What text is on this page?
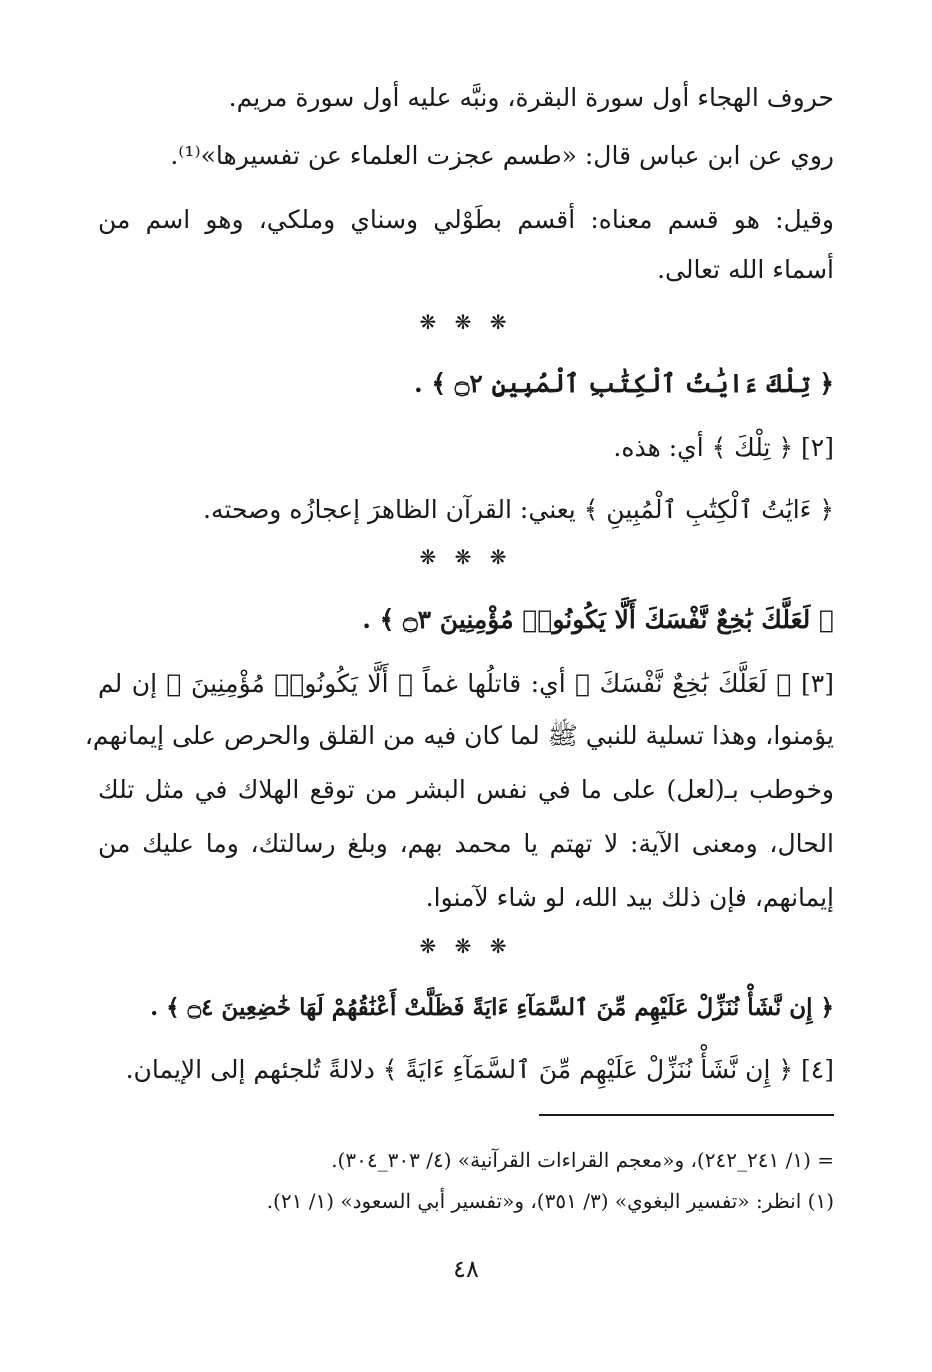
حروف الهجاء أول سورة البقرة، ونبَّه عليه أول سورة مريم.
روي عن ابن عباس قال: «طسم عجزت العلماء عن تفسيرها»⁽¹⁾.
وقيل: هو قسم معناه: أقسم بطَوْلي وسناي وملكي، وهو اسم من
أسماء الله تعالى.
❋ ❋ ❋
﴿ تِلْكَ ءَايَٰتُ ٱلْكِتَٰبِ ٱلْمُبِينِ ۝٢ ﴾ .
[٢] ﴿ تِلْكَ ﴾ أي: هذه.
﴿ ءَايَٰتُ ٱلْكِتَٰبِ ٱلْمُبِينِ ﴾ يعني: القرآن الظاهرَ إعجازُه وصحته.
❋ ❋ ❋
﴿ لَعَلَّكَ بَٰخِعٌ نَّفْسَكَ أَلَّا يَكُونُوا۟ مُؤْمِنِينَ ۝٣ ﴾ .
[٣] ﴿ لَعَلَّكَ بَٰخِعٌ نَّفْسَكَ ﴾ أي: قاتلُها غماً ﴿ أَلَّا يَكُونُوا۟ مُؤْمِنِينَ ﴾ إن لم
يؤمنوا، وهذا تسلية للنبي ﷺ لما كان فيه من القلق والحرص على إيمانهم،
وخوطب بـ(لعل) على ما في نفس البشر من توقع الهلاك في مثل تلك
الحال، ومعنى الآية: لا تهتم يا محمد بهم، وبلغ رسالتك، وما عليك من
إيمانهم، فإن ذلك بيد الله، لو شاء لآمنوا.
❋ ❋ ❋
﴿ إِن نَّشَأْ نُنَزِّلْ عَلَيْهِم مِّنَ ٱلسَّمَآءِ ءَايَةً فَظَلَّتْ أَعْنَٰقُهُمْ لَهَا خَٰضِعِينَ ۝٤ ﴾ .
[٤] ﴿ إِن نَّشَأْ نُنَزِّلْ عَلَيْهِم مِّنَ ٱلسَّمَآءِ ءَايَةً ﴾ دلالةً تُلجئهم إلى الإيمان.
= (١/ ٢٤١_٢٤٢)، و«معجم القراءات القرآنية» (٤/ ٣٠٣_٣٠٤).
(١) انظر: «تفسير البغوي» (٣/ ٣٥١)، و«تفسير أبي السعود» (١/ ٢١).
٤٨
